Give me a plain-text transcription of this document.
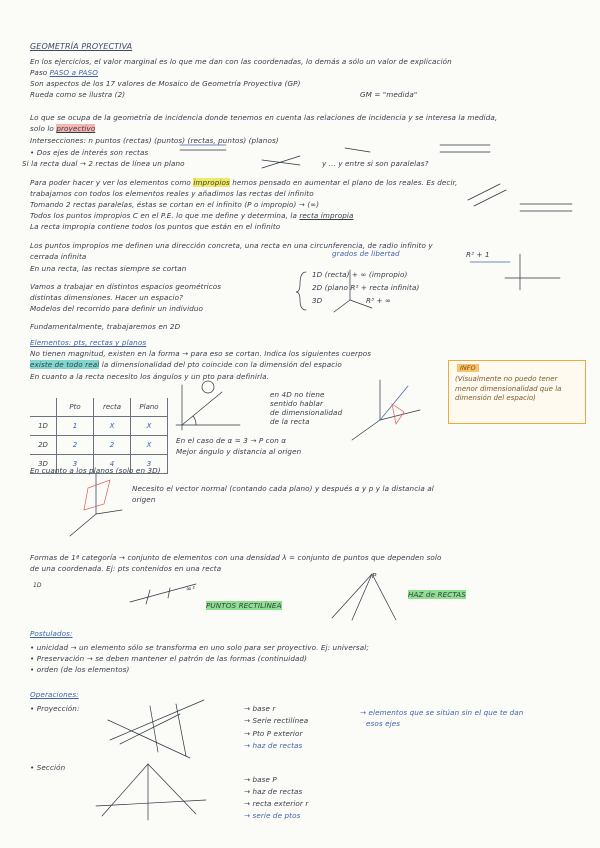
GEOMETRÍA PROYECTIVA
En los ejercicios, el valor marginal es lo que me dan con las coordenadas, lo demás a sólo un valor de explicación
Paso PASO a PASO
Son aspectos de los 17 valores de Mosaico de Geometría Proyectiva (GP)
Rueda como se ilustra (2)	GM = "medida"
Lo que se ocupa de la geometría de incidencia donde tenemos en cuenta las relaciones de incidencia y se interesa la medida,
solo lo proyectivo
Intersecciones: n puntos (rectas) (puntos) (rectas, puntos) (planos)
• Dos ejes de interés son rectas
Si la recta dual → 2 rectas de línea un plano	y ... y entre si son paralelas?
Para poder hacer y ver los elementos como impropios hemos pensado en aumentar el plano de los reales. Es decir,
trabajamos con todos los elementos reales y añadimos las rectas del infinito
Tomando 2 rectas paralelas, éstas se cortan en el infinito (P o impropio) → (∞)
Todos los puntos impropios C en el P.E. lo que me define y determina, la recta impropia
La recta impropia contiene todos los puntos que están en el infinito
Los puntos impropios me definen una dirección concreta, una recta en una circunferencia, de radio infinito y
cerrada infinita
En una recta, las rectas siempre se cortan
grados de libertad	R² + 1
Vamos a trabajar en distintos espacios geométricos
distintas dimensiones. Hacer un espacio?
Modelos del recorrido para definir un individuo
1D (recta) + ∞ (impropio)
2D (plano R² + recta infinita)
3D	R³ + ∞
Fundamentalmente, trabajaremos en 2D
Elementos: pts, rectas y planos
No tienen magnitud, existen en la forma → para eso se cortan. Indica los siguientes cuerpos
existe de todo real la dimensionalidad del pto coincide con la dimensión del espacio
En cuanto a la recta necesito los ángulos y un pto para definirla.
INFO
(Visualmente no puedo tener menor dimensionalidad que la dimensión del espacio)
	Pto	recta	Plano
1D	1	X	X
2D	2	2	X
3D	3	4	3
en 4D no tiene
sentido hablar
de dimensionalidad
de la recta
En el caso de α = 3 → P con α
Mejor ángulo y distancia al origen
En cuanto a los planos (solo en 3D)
Necesito el vector normal (contando cada plano) y después α y p y la distancia al
origen
Formas de 1ª categoría → conjunto de elementos con una densidad λ = conjunto de puntos que dependen solo
de una coordenada. Ej: pts contenidos en una recta
1D	∞¹
PUNTOS RECTILÍNEA
P
HAZ de RECTAS
Postulados:
• unicidad → un elemento sólo se transforma en uno solo para ser proyectivo. Ej: universal;
• Preservación → se deben mantener el patrón de las formas (continuidad)
• orden (de los elementos)
Operaciones:
• Proyección:	→ base r
→ Serie rectilínea
→ Pto P exterior
→ haz de rectas
→ elementos que se sitúan sin el que te dan
esos ejes
• Sección
→ base P
→ haz de rectas
→ recta exterior r
→ serie de ptos
